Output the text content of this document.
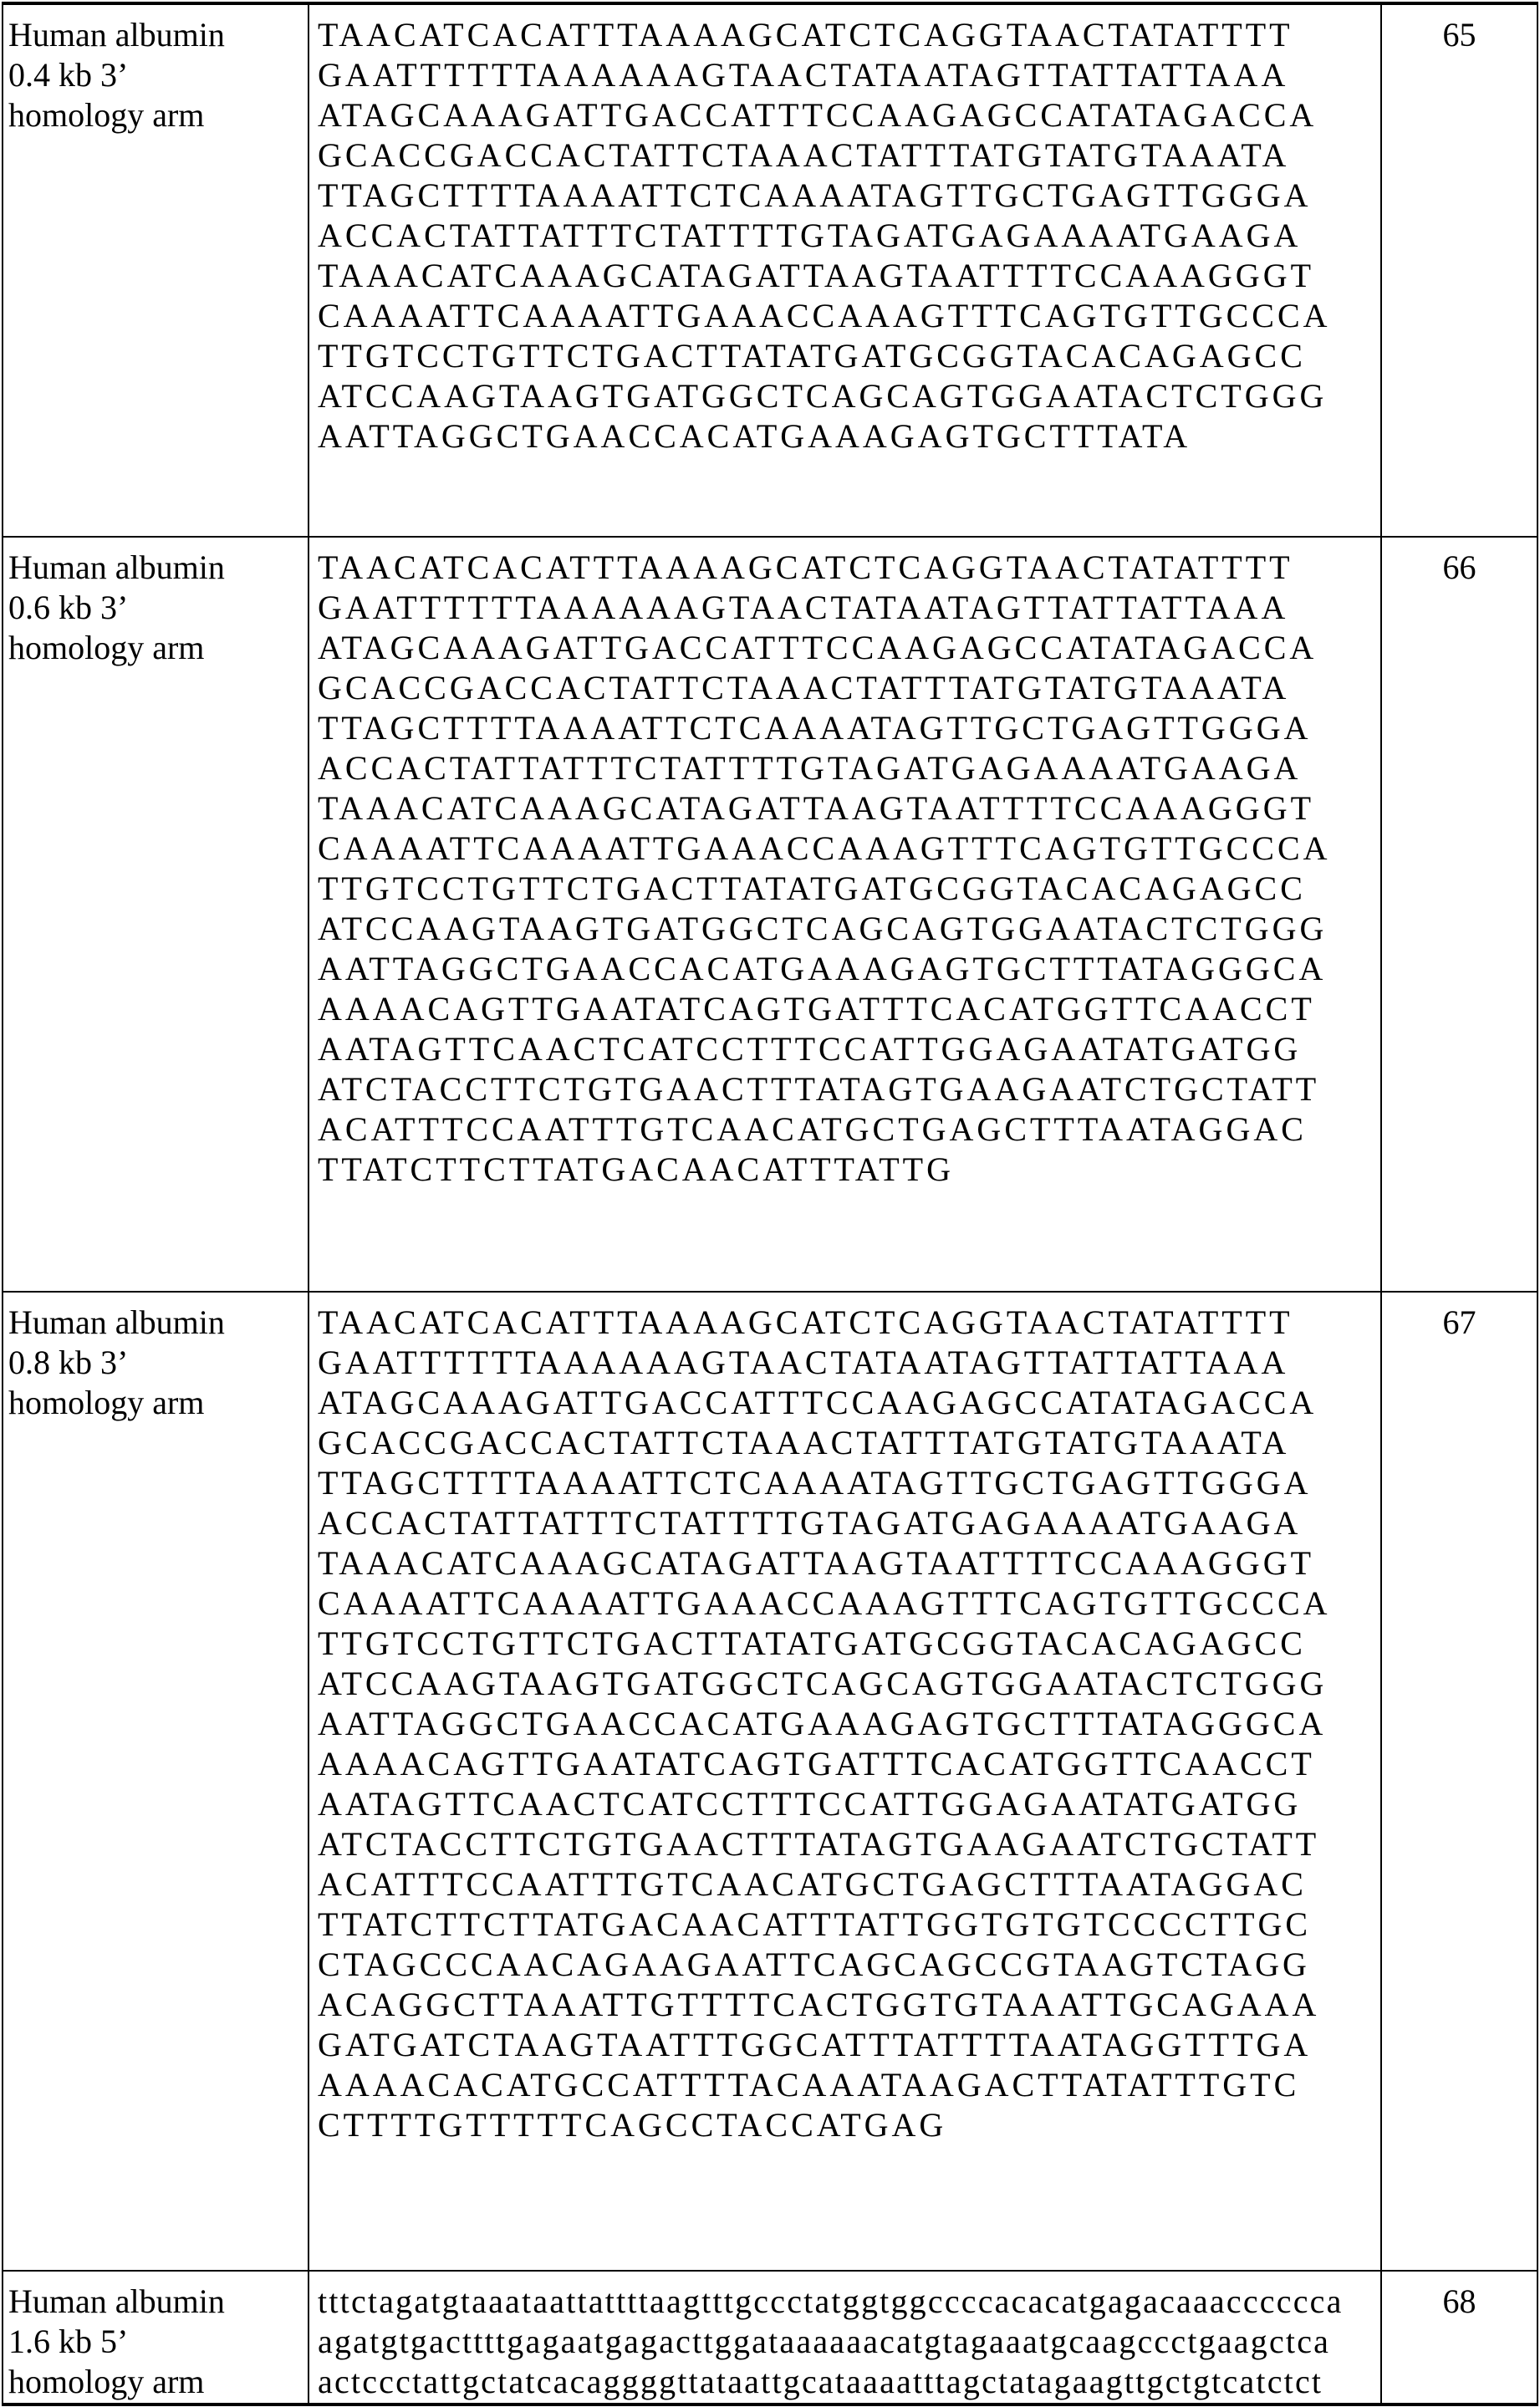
Human albumin
0.4 kb 3’
homology arm

TAACATCACATTTAAAAGCATCTCAGGTAACTATATTTT
GAATTTTTTAAAAAAGTAACTATAATAGTTATTATTAAA
ATAGCAAAGATTGACCATTTCCAAGAGCCATATAGACCA
GCACCGACCACTATTCTAAACTATTTATGTATGTAAATA
TTAGCTTTTAAAATTCTCAAAATAGTTGCTGAGTTGGGA
ACCACTATTATTTCTATTTTGTAGATGAGAAAATGAAGA
TAAACATCAAAGCATAGATTAAGTAATTTTCCAAAGGGT
CAAAATTCAAAATTGAAACCAAAGTTTCAGTGTTGCCCA
TTGTCCTGTTCTGACTTATATGATGCGGTACACAGAGCC
ATCCAAGTAAGTGATGGCTCAGCAGTGGAATACTCTGGG
AATTAGGCTGAACCACATGAAAGAGTGCTTTATA
	65

Human albumin
0.6 kb 3’
homology arm

TAACATCACATTTAAAAGCATCTCAGGTAACTATATTTT
GAATTTTTTAAAAAAGTAACTATAATAGTTATTATTAAA
ATAGCAAAGATTGACCATTTCCAAGAGCCATATAGACCA
GCACCGACCACTATTCTAAACTATTTATGTATGTAAATA
TTAGCTTTTAAAATTCTCAAAATAGTTGCTGAGTTGGGA
ACCACTATTATTTCTATTTTGTAGATGAGAAAATGAAGA
TAAACATCAAAGCATAGATTAAGTAATTTTCCAAAGGGT
CAAAATTCAAAATTGAAACCAAAGTTTCAGTGTTGCCCA
TTGTCCTGTTCTGACTTATATGATGCGGTACACAGAGCC
ATCCAAGTAAGTGATGGCTCAGCAGTGGAATACTCTGGG
AATTAGGCTGAACCACATGAAAGAGTGCTTTATAGGGCA
AAAACAGTTGAATATCAGTGATTTCACATGGTTCAACCT
AATAGTTCAACTCATCCTTTCCATTGGAGAATATGATGG
ATCTACCTTCTGTGAACTTTATAGTGAAGAATCTGCTATT
ACATTTCCAATTTGTCAACATGCTGAGCTTTAATAGGAC
TTATCTTCTTATGACAACATTTATTG
	66

Human albumin
0.8 kb 3’
homology arm

TAACATCACATTTAAAAGCATCTCAGGTAACTATATTTT
GAATTTTTTAAAAAAGTAACTATAATAGTTATTATTAAA
ATAGCAAAGATTGACCATTTCCAAGAGCCATATAGACCA
GCACCGACCACTATTCTAAACTATTTATGTATGTAAATA
TTAGCTTTTAAAATTCTCAAAATAGTTGCTGAGTTGGGA
ACCACTATTATTTCTATTTTGTAGATGAGAAAATGAAGA
TAAACATCAAAGCATAGATTAAGTAATTTTCCAAAGGGT
CAAAATTCAAAATTGAAACCAAAGTTTCAGTGTTGCCCA
TTGTCCTGTTCTGACTTATATGATGCGGTACACAGAGCC
ATCCAAGTAAGTGATGGCTCAGCAGTGGAATACTCTGGG
AATTAGGCTGAACCACATGAAAGAGTGCTTTATAGGGCA
AAAACAGTTGAATATCAGTGATTTCACATGGTTCAACCT
AATAGTTCAACTCATCCTTTCCATTGGAGAATATGATGG
ATCTACCTTCTGTGAACTTTATAGTGAAGAATCTGCTATT
ACATTTCCAATTTGTCAACATGCTGAGCTTTAATAGGAC
TTATCTTCTTATGACAACATTTATTGGTGTGTCCCCTTGC
CTAGCCCAACAGAAGAATTCAGCAGCCGTAAGTCTAGG
ACAGGCTTAAATTGTTTTCACTGGTGTAAATTGCAGAAA
GATGATCTAAGTAATTTGGCATTTATTTTAATAGGTTTGA
AAAACACATGCCATTTTACAAATAAGACTTATATTTGTC
CTTTTGTTTTTCAGCCTACCATGAG
	67

Human albumin
1.6 kb 5’
homology arm

tttctagatgtaaataattattttaagtttgccctatggtggccccacacatgagacaaacccccca
agatgtgacttttgagaatgagacttggataaaaaacatgtagaaatgcaagccctgaagctca
actccctattgctatcacaggggttataattgcataaaatttagctatagaagttgctgtcatctct
	68
